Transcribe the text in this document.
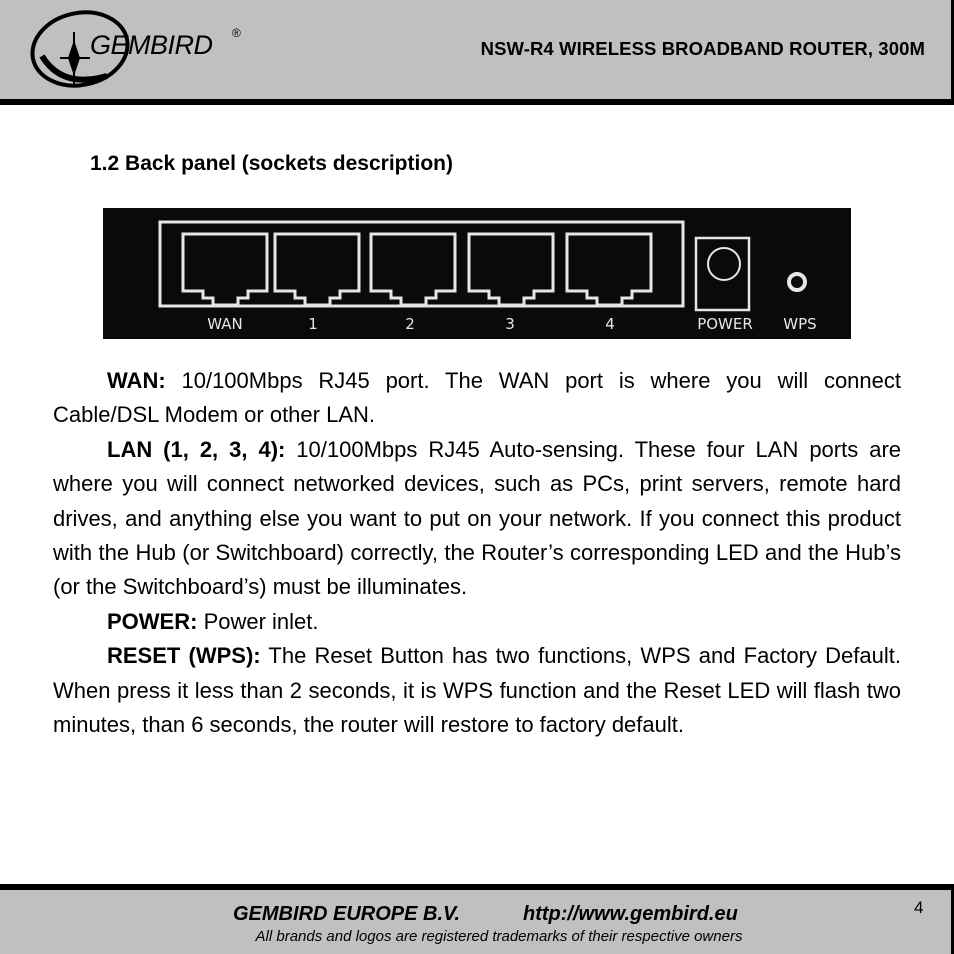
GEMBIRD ®
NSW-R4 WIRELESS BROADBAND ROUTER, 300M
1.2 Back panel (sockets description)
WAN	1	2	3	4	POWER WPS

WAN: 10/100Mbps RJ45 port. The WAN port is where you will connect Cable/DSL Modem or other LAN.

LAN (1, 2, 3, 4): 10/100Mbps RJ45 Auto-sensing. These four LAN ports are where you will connect networked devices, such as PCs, print servers, remote hard drives, and anything else you want to put on your network. If you connect this product with the Hub (or Switchboard) correctly, the Router’s corresponding LED and the Hub’s (or the Switchboard’s) must be illuminates.

POWER: Power inlet.

RESET (WPS): The Reset Button has two functions, WPS and Factory Default. When press it less than 2 seconds, it is WPS function and the Reset LED will flash two minutes, than 6 seconds, the router will restore to factory default.

GEMBIRD EUROPE B.V.	http://www.gembird.eu
All brands and logos are registered trademarks of their respective owners
4
